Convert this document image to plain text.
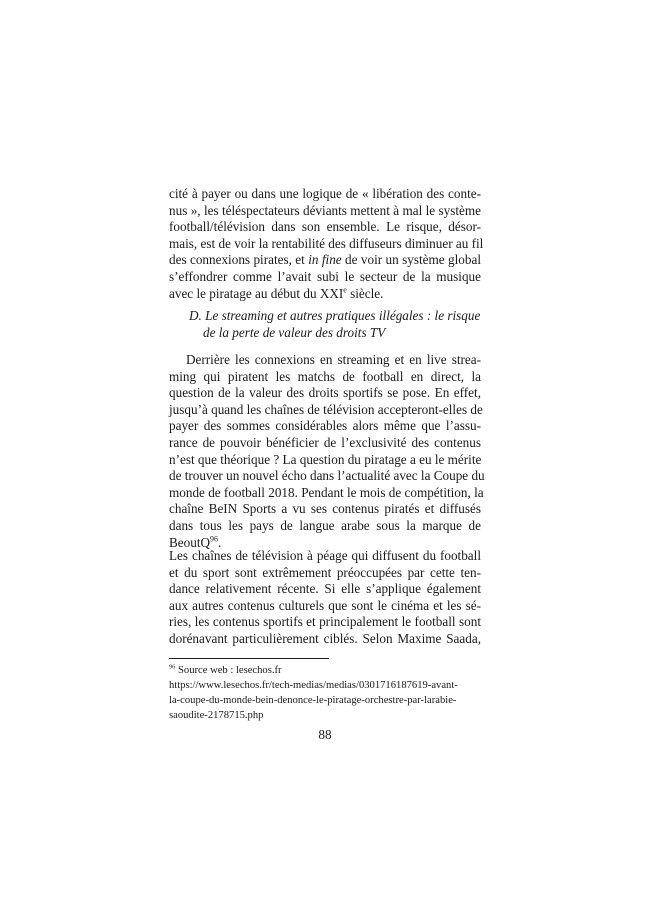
cité à payer ou dans une logique de « libération des conte-
nus », les téléspectateurs déviants mettent à mal le système
football/télévision dans son ensemble. Le risque, désor-
mais, est de voir la rentabilité des diffuseurs diminuer au fil
des connexions pirates, et in fine de voir un système global
s’effondrer comme l’avait subi le secteur de la musique
avec le piratage au début du XXIe siècle.
D. Le streaming et autres pratiques illégales : le risque
de la perte de valeur des droits TV
Derrière les connexions en streaming et en live strea-
ming qui piratent les matchs de football en direct, la
question de la valeur des droits sportifs se pose. En effet,
jusqu’à quand les chaînes de télévision accepteront-elles de
payer des sommes considérables alors même que l’assu-
rance de pouvoir bénéficier de l’exclusivité des contenus
n’est que théorique ? La question du piratage a eu le mérite
de trouver un nouvel écho dans l’actualité avec la Coupe du
monde de football 2018. Pendant le mois de compétition, la
chaîne BeIN Sports a vu ses contenus piratés et diffusés
dans tous les pays de langue arabe sous la marque de
BeoutQ$^{96}$.
Les chaînes de télévision à péage qui diffusent du football
et du sport sont extrêmement préoccupées par cette ten-
dance relativement récente. Si elle s’applique également
aux autres contenus culturels que sont le cinéma et les sé-
ries, les contenus sportifs et principalement le football sont
dorénavant particulièrement ciblés. Selon Maxime Saada,
$^{96}$ Source web : lesechos.fr
https://www.lesechos.fr/tech-medias/medias/0301716187619-avant-
la-coupe-du-monde-bein-denonce-le-piratage-orchestre-par-larabie-
saoudite-2178715.php
88
